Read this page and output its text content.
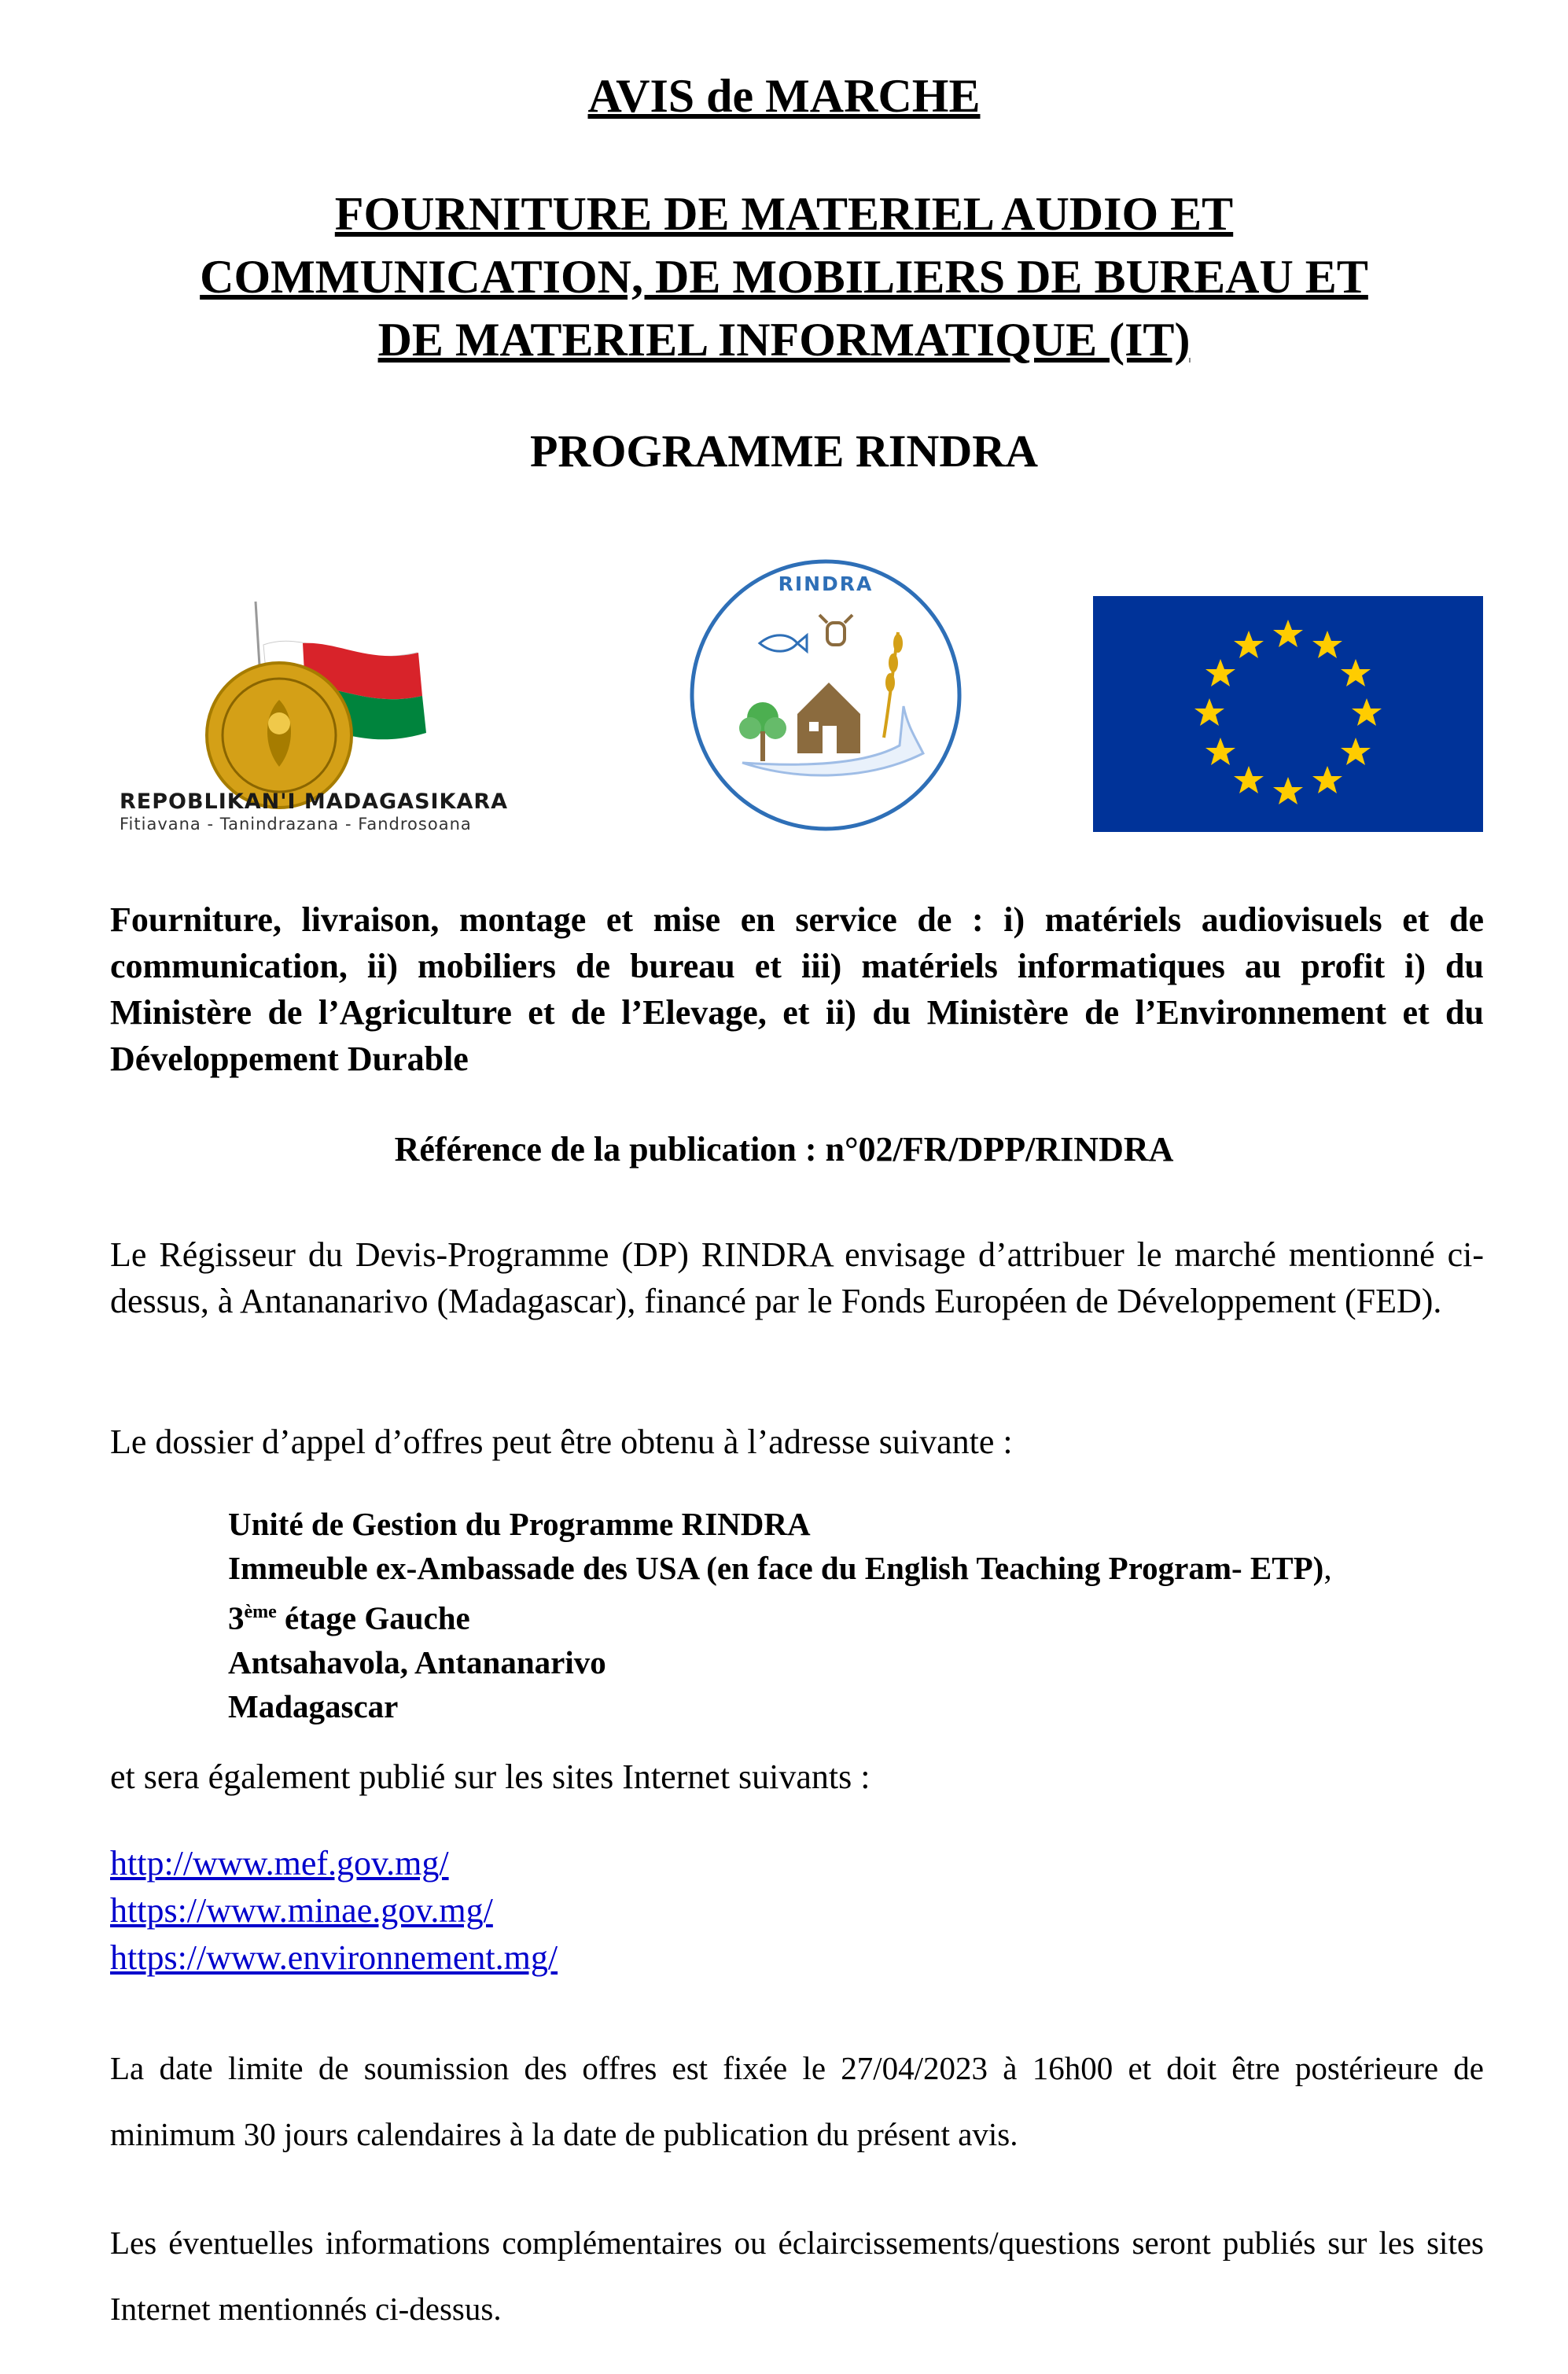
AVIS de MARCHE
FOURNITURE DE MATERIEL AUDIO ET
COMMUNICATION, DE MOBILIERS DE BUREAU ET
DE MATERIEL INFORMATIQUE (IT)
PROGRAMME RINDRA
REPOBLIKAN'I MADAGASIKARA
Fitiavana - Tanindrazana - Fandrosoana
RINDRA
Fourniture, livraison, montage et mise en service de : i) matériels audiovisuels et de communication, ii) mobiliers de bureau et iii) matériels informatiques au profit i) du Ministère de l’Agriculture et de l’Elevage, et ii) du Ministère de l’Environnement et du Développement Durable
Référence de la publication : n°02/FR/DPP/RINDRA
Le Régisseur du Devis-Programme (DP) RINDRA envisage d’attribuer le marché mentionné ci-dessus, à Antananarivo (Madagascar), financé par le Fonds Européen de Développement (FED).
Le dossier d’appel d’offres peut être obtenu à l’adresse suivante :
Unité de Gestion du Programme RINDRA
Immeuble ex-Ambassade des USA (en face du English Teaching Program- ETP),
3ème étage Gauche
Antsahavola, Antananarivo
Madagascar
et sera également publié sur les sites Internet suivants :
http://www.mef.gov.mg/
https://www.minae.gov.mg/
https://www.environnement.mg/
La date limite de soumission des offres est fixée le 27/04/2023 à 16h00 et doit être postérieure de minimum 30 jours calendaires à la date de publication du présent avis.
Les éventuelles informations complémentaires ou éclaircissements/questions seront publiés sur les sites Internet mentionnés ci-dessus.
